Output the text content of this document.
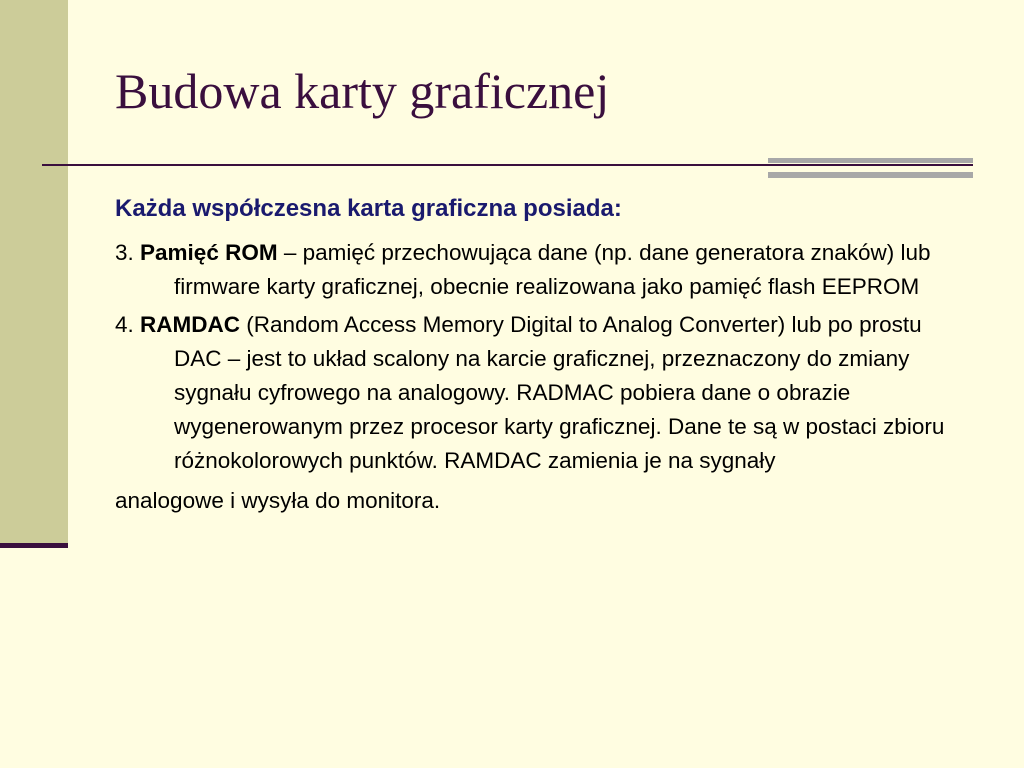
Budowa karty graficznej

Każda współczesna karta graficzna posiada:

3. Pamięć ROM – pamięć przechowująca dane (np. dane generatora znaków) lub firmware karty graficznej, obecnie realizowana jako pamięć flash EEPROM

4. RAMDAC (Random Access Memory Digital to Analog Converter) lub po prostu DAC – jest to układ scalony na karcie graficznej, przeznaczony do zmiany sygnału cyfrowego na analogowy. RADMAC pobiera dane o obrazie wygenerowanym przez procesor karty graficznej. Dane te są w postaci zbioru różnokolorowych punktów. RAMDAC zamienia je na sygnały
analogowe i wysyła do monitora.
